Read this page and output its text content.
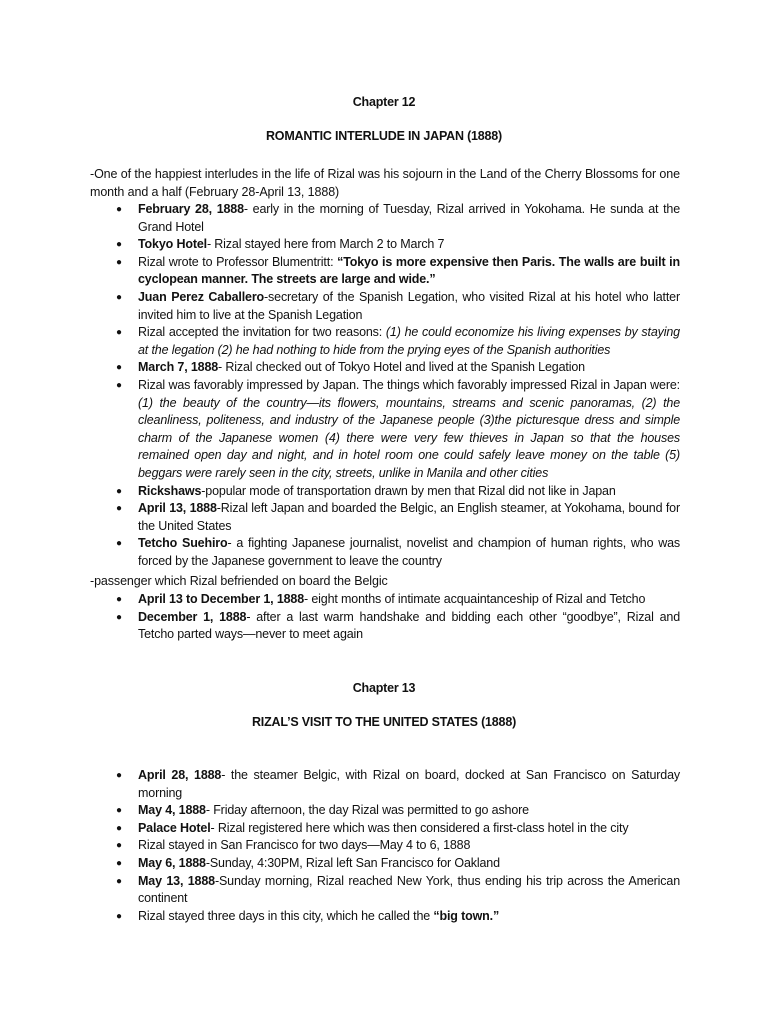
Chapter 12
ROMANTIC INTERLUDE IN JAPAN (1888)
-One of the happiest interludes in the life of Rizal was his sojourn in the Land of the Cherry Blossoms for one month and a half (February 28-April 13, 1888)
● February 28, 1888- early in the morning of Tuesday, Rizal arrived in Yokohama. He sunda at the Grand Hotel
● Tokyo Hotel- Rizal stayed here from March 2 to March 7
● Rizal wrote to Professor Blumentritt: “Tokyo is more expensive then Paris. The walls are built in cyclopean manner. The streets are large and wide.”
● Juan Perez Caballero-secretary of the Spanish Legation, who visited Rizal at his hotel who latter invited him to live at the Spanish Legation
● Rizal accepted the invitation for two reasons: (1) he could economize his living expenses by staying at the legation (2) he had nothing to hide from the prying eyes of the Spanish authorities
● March 7, 1888- Rizal checked out of Tokyo Hotel and lived at the Spanish Legation
● Rizal was favorably impressed by Japan. The things which favorably impressed Rizal in Japan were: (1) the beauty of the country—its flowers, mountains, streams and scenic panoramas, (2) the cleanliness, politeness, and industry of the Japanese people (3)the picturesque dress and simple charm of the Japanese women (4) there were very few thieves in Japan so that the houses remained open day and night, and in hotel room one could safely leave money on the table (5) beggars were rarely seen in the city, streets, unlike in Manila and other cities
● Rickshaws-popular mode of transportation drawn by men that Rizal did not like in Japan
● April 13, 1888-Rizal left Japan and boarded the Belgic, an English steamer, at Yokohama, bound for the United States
● Tetcho Suehiro- a fighting Japanese journalist, novelist and champion of human rights, who was forced by the Japanese government to leave the country
-passenger which Rizal befriended on board the Belgic
● April 13 to December 1, 1888- eight months of intimate acquaintanceship of Rizal and Tetcho
● December 1, 1888- after a last warm handshake and bidding each other “goodbye”, Rizal and Tetcho parted ways—never to meet again
Chapter 13
RIZAL’S VISIT TO THE UNITED STATES (1888)
● April 28, 1888- the steamer Belgic, with Rizal on board, docked at San Francisco on Saturday morning
● May 4, 1888- Friday afternoon, the day Rizal was permitted to go ashore
● Palace Hotel- Rizal registered here which was then considered a first-class hotel in the city
● Rizal stayed in San Francisco for two days—May 4 to 6, 1888
● May 6, 1888-Sunday, 4:30PM, Rizal left San Francisco for Oakland
● May 13, 1888-Sunday morning, Rizal reached New York, thus ending his trip across the American continent
● Rizal stayed three days in this city, which he called the “big town.”
